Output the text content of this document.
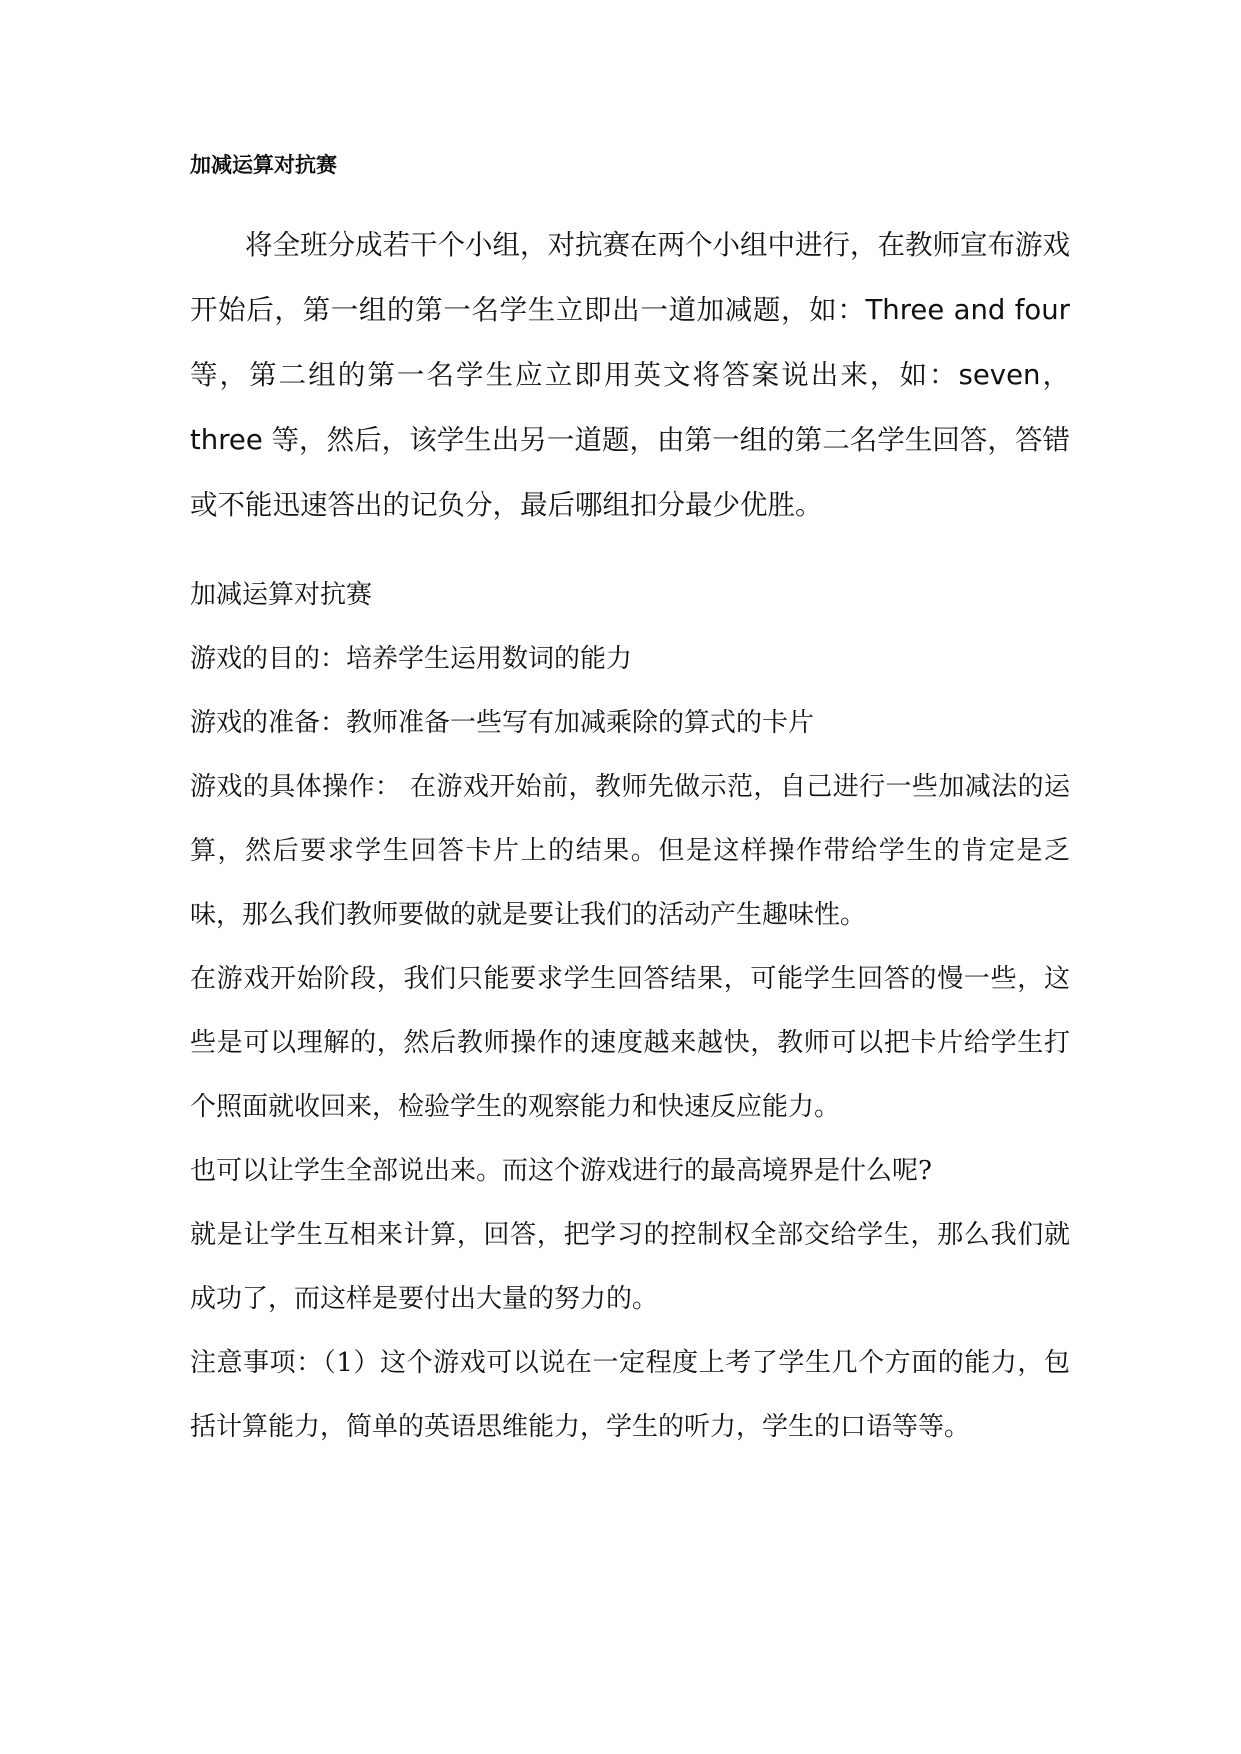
加减运算对抗赛
将全班分成若干个小组，对抗赛在两个小组中进行，在教师宣布游戏开始后，第一组的第一名学生立即出一道加减题，如：Three and four 等，第二组的第一名学生应立即用英文将答案说出来，如：seven，three 等，然后，该学生出另一道题，由第一组的第二名学生回答，答错或不能迅速答出的记负分，最后哪组扣分最少优胜。

加减运算对抗赛

游戏的目的：培养学生运用数词的能力

游戏的准备：教师准备一些写有加减乘除的算式的卡片

游戏的具体操作： 在游戏开始前，教师先做示范，自己进行一些加减法的运算，然后要求学生回答卡片上的结果。但是这样操作带给学生的肯定是乏味，那么我们教师要做的就是要让我们的活动产生趣味性。

在游戏开始阶段，我们只能要求学生回答结果，可能学生回答的慢一些，这些是可以理解的，然后教师操作的速度越来越快，教师可以把卡片给学生打个照面就收回来，检验学生的观察能力和快速反应能力。

也可以让学生全部说出来。而这个游戏进行的最高境界是什么呢?

就是让学生互相来计算，回答，把学习的控制权全部交给学生，那么我们就成功了，而这样是要付出大量的努力的。

注意事项：（1）这个游戏可以说在一定程度上考了学生几个方面的能力，包括计算能力，简单的英语思维能力，学生的听力，学生的口语等等。
